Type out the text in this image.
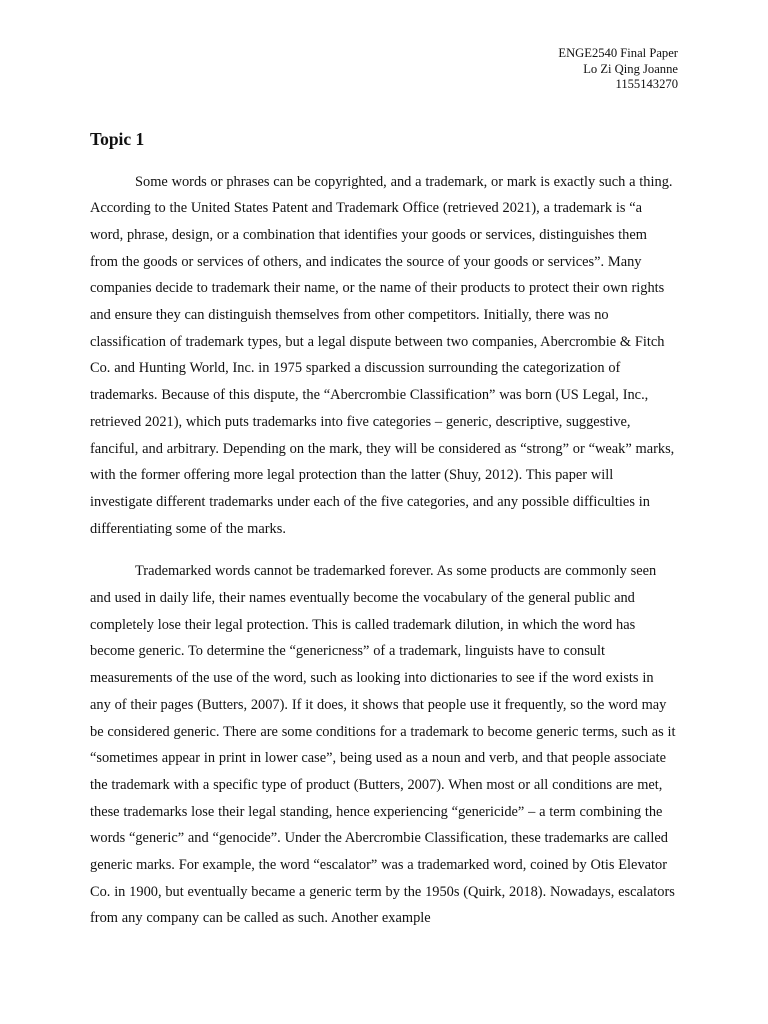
ENGE2540 Final Paper
Lo Zi Qing Joanne
1155143270
Topic 1

Some words or phrases can be copyrighted, and a trademark, or mark is exactly such a thing. According to the United States Patent and Trademark Office (retrieved 2021), a trademark is “a word, phrase, design, or a combination that identifies your goods or services, distinguishes them from the goods or services of others, and indicates the source of your goods or services”. Many companies decide to trademark their name, or the name of their products to protect their own rights and ensure they can distinguish themselves from other competitors. Initially, there was no classification of trademark types, but a legal dispute between two companies, Abercrombie & Fitch Co. and Hunting World, Inc. in 1975 sparked a discussion surrounding the categorization of trademarks. Because of this dispute, the “Abercrombie Classification” was born (US Legal, Inc., retrieved 2021), which puts trademarks into five categories – generic, descriptive, suggestive, fanciful, and arbitrary. Depending on the mark, they will be considered as “strong” or “weak” marks, with the former offering more legal protection than the latter (Shuy, 2012). This paper will investigate different trademarks under each of the five categories, and any possible difficulties in differentiating some of the marks.

Trademarked words cannot be trademarked forever. As some products are commonly seen and used in daily life, their names eventually become the vocabulary of the general public and completely lose their legal protection. This is called trademark dilution, in which the word has become generic. To determine the “genericness” of a trademark, linguists have to consult measurements of the use of the word, such as looking into dictionaries to see if the word exists in any of their pages (Butters, 2007). If it does, it shows that people use it frequently, so the word may be considered generic. There are some conditions for a trademark to become generic terms, such as it “sometimes appear in print in lower case”, being used as a noun and verb, and that people associate the trademark with a specific type of product (Butters, 2007). When most or all conditions are met, these trademarks lose their legal standing, hence experiencing “genericide” – a term combining the words “generic” and “genocide”. Under the Abercrombie Classification, these trademarks are called generic marks. For example, the word “escalator” was a trademarked word, coined by Otis Elevator Co. in 1900, but eventually became a generic term by the 1950s (Quirk, 2018). Nowadays, escalators from any company can be called as such. Another example
